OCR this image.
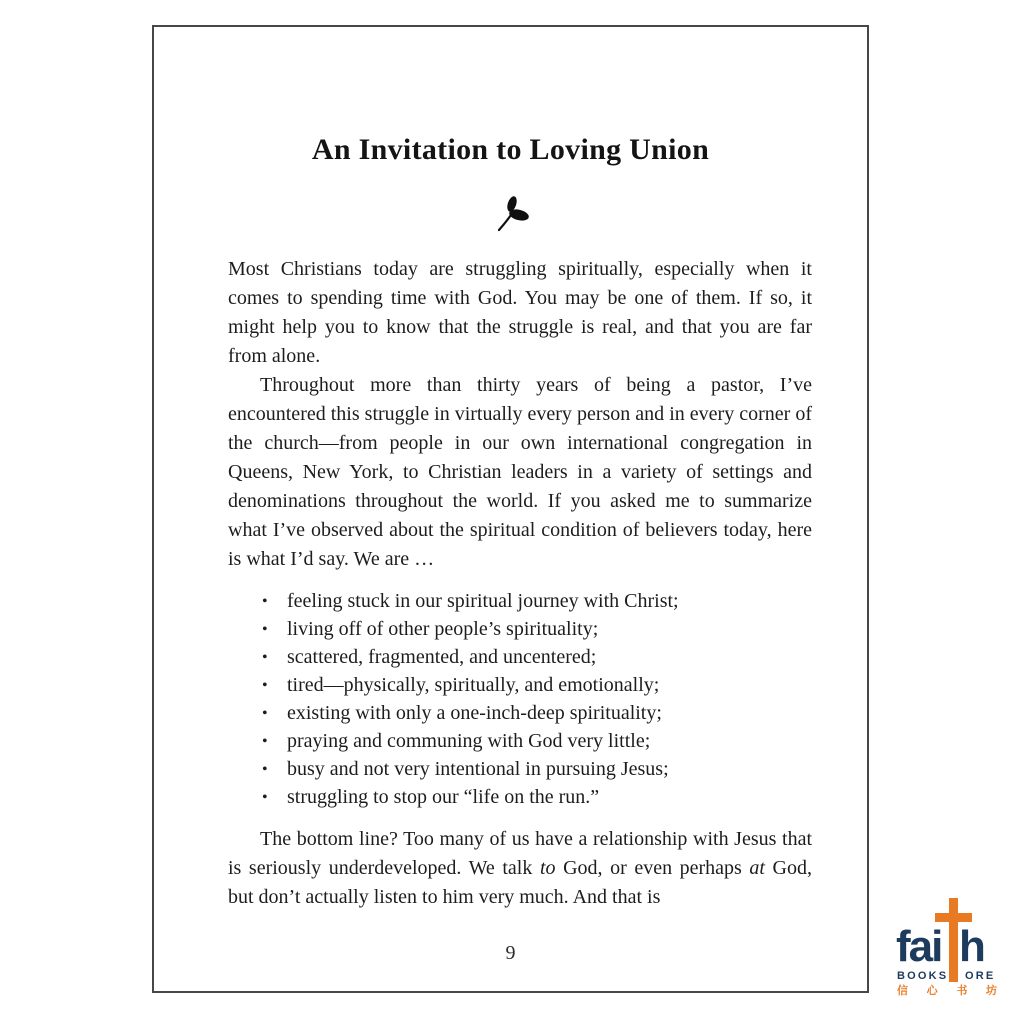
An Invitation to Loving Union

Most Christians today are struggling spiritually, especially when it comes to spending time with God. You may be one of them. If so, it might help you to know that the struggle is real, and that you are far from alone.

Throughout more than thirty years of being a pastor, I’ve encountered this struggle in virtually every person and in every corner of the church—from people in our own international congregation in Queens, New York, to Christian leaders in a variety of settings and denominations throughout the world. If you asked me to summarize what I’ve observed about the spiritual condition of believers today, here is what I’d say. We are …

• feeling stuck in our spiritual journey with Christ;
• living off of other people’s spirituality;
• scattered, fragmented, and uncentered;
• tired—physically, spiritually, and emotionally;
• existing with only a one-inch-deep spirituality;
• praying and communing with God very little;
• busy and not very intentional in pursuing Jesus;
• struggling to stop our “life on the run.”

The bottom line? Too many of us have a relationship with Jesus that is seriously underdeveloped. We talk to God, or even perhaps at God, but don’t actually listen to him very much. And that is

9	fai h
BOOKS ORE
信 心 书 坊
